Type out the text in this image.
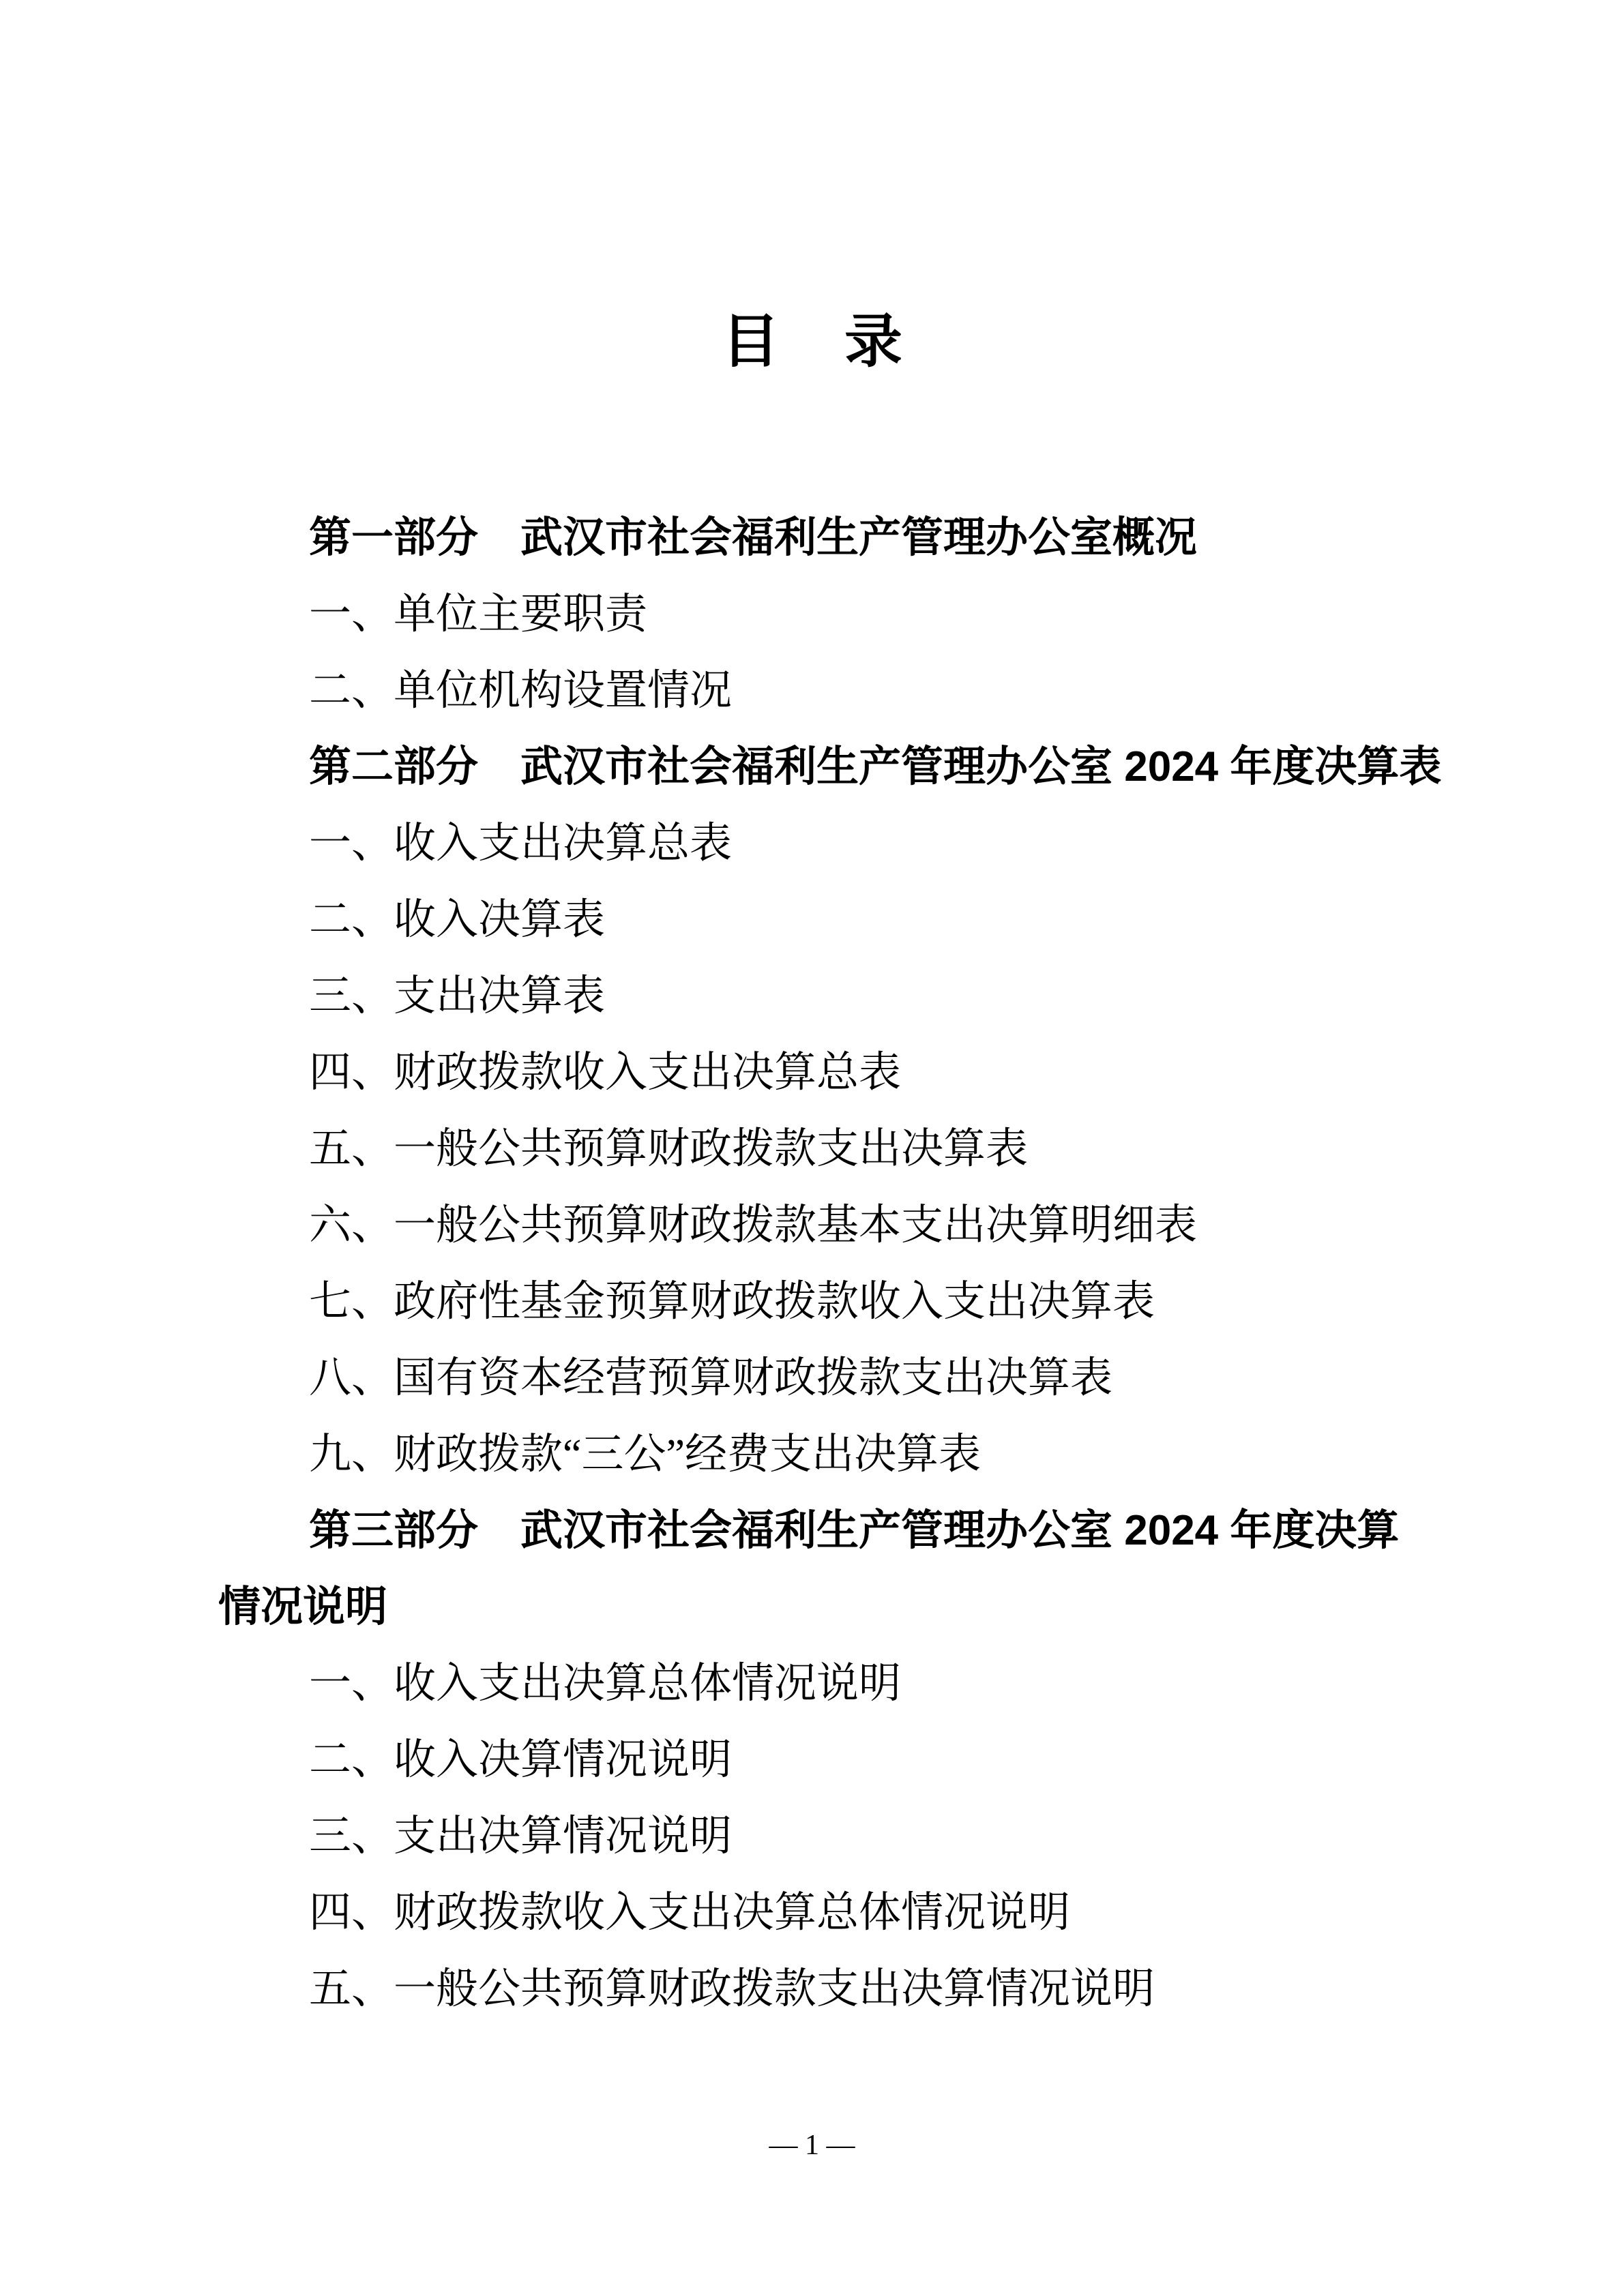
目 录
第一部分　武汉市社会福利生产管理办公室概况
一、单位主要职责
二、单位机构设置情况
第二部分　武汉市社会福利生产管理办公室 2024 年度决算表
一、收入支出决算总表
二、收入决算表
三、支出决算表
四、财政拨款收入支出决算总表
五、一般公共预算财政拨款支出决算表
六、一般公共预算财政拨款基本支出决算明细表
七、政府性基金预算财政拨款收入支出决算表
八、国有资本经营预算财政拨款支出决算表
九、财政拨款“三公”经费支出决算表
第三部分　武汉市社会福利生产管理办公室 2024 年度决算
情况说明
一、收入支出决算总体情况说明
二、收入决算情况说明
三、支出决算情况说明
四、财政拨款收入支出决算总体情况说明
五、一般公共预算财政拨款支出决算情况说明
— 1 —
